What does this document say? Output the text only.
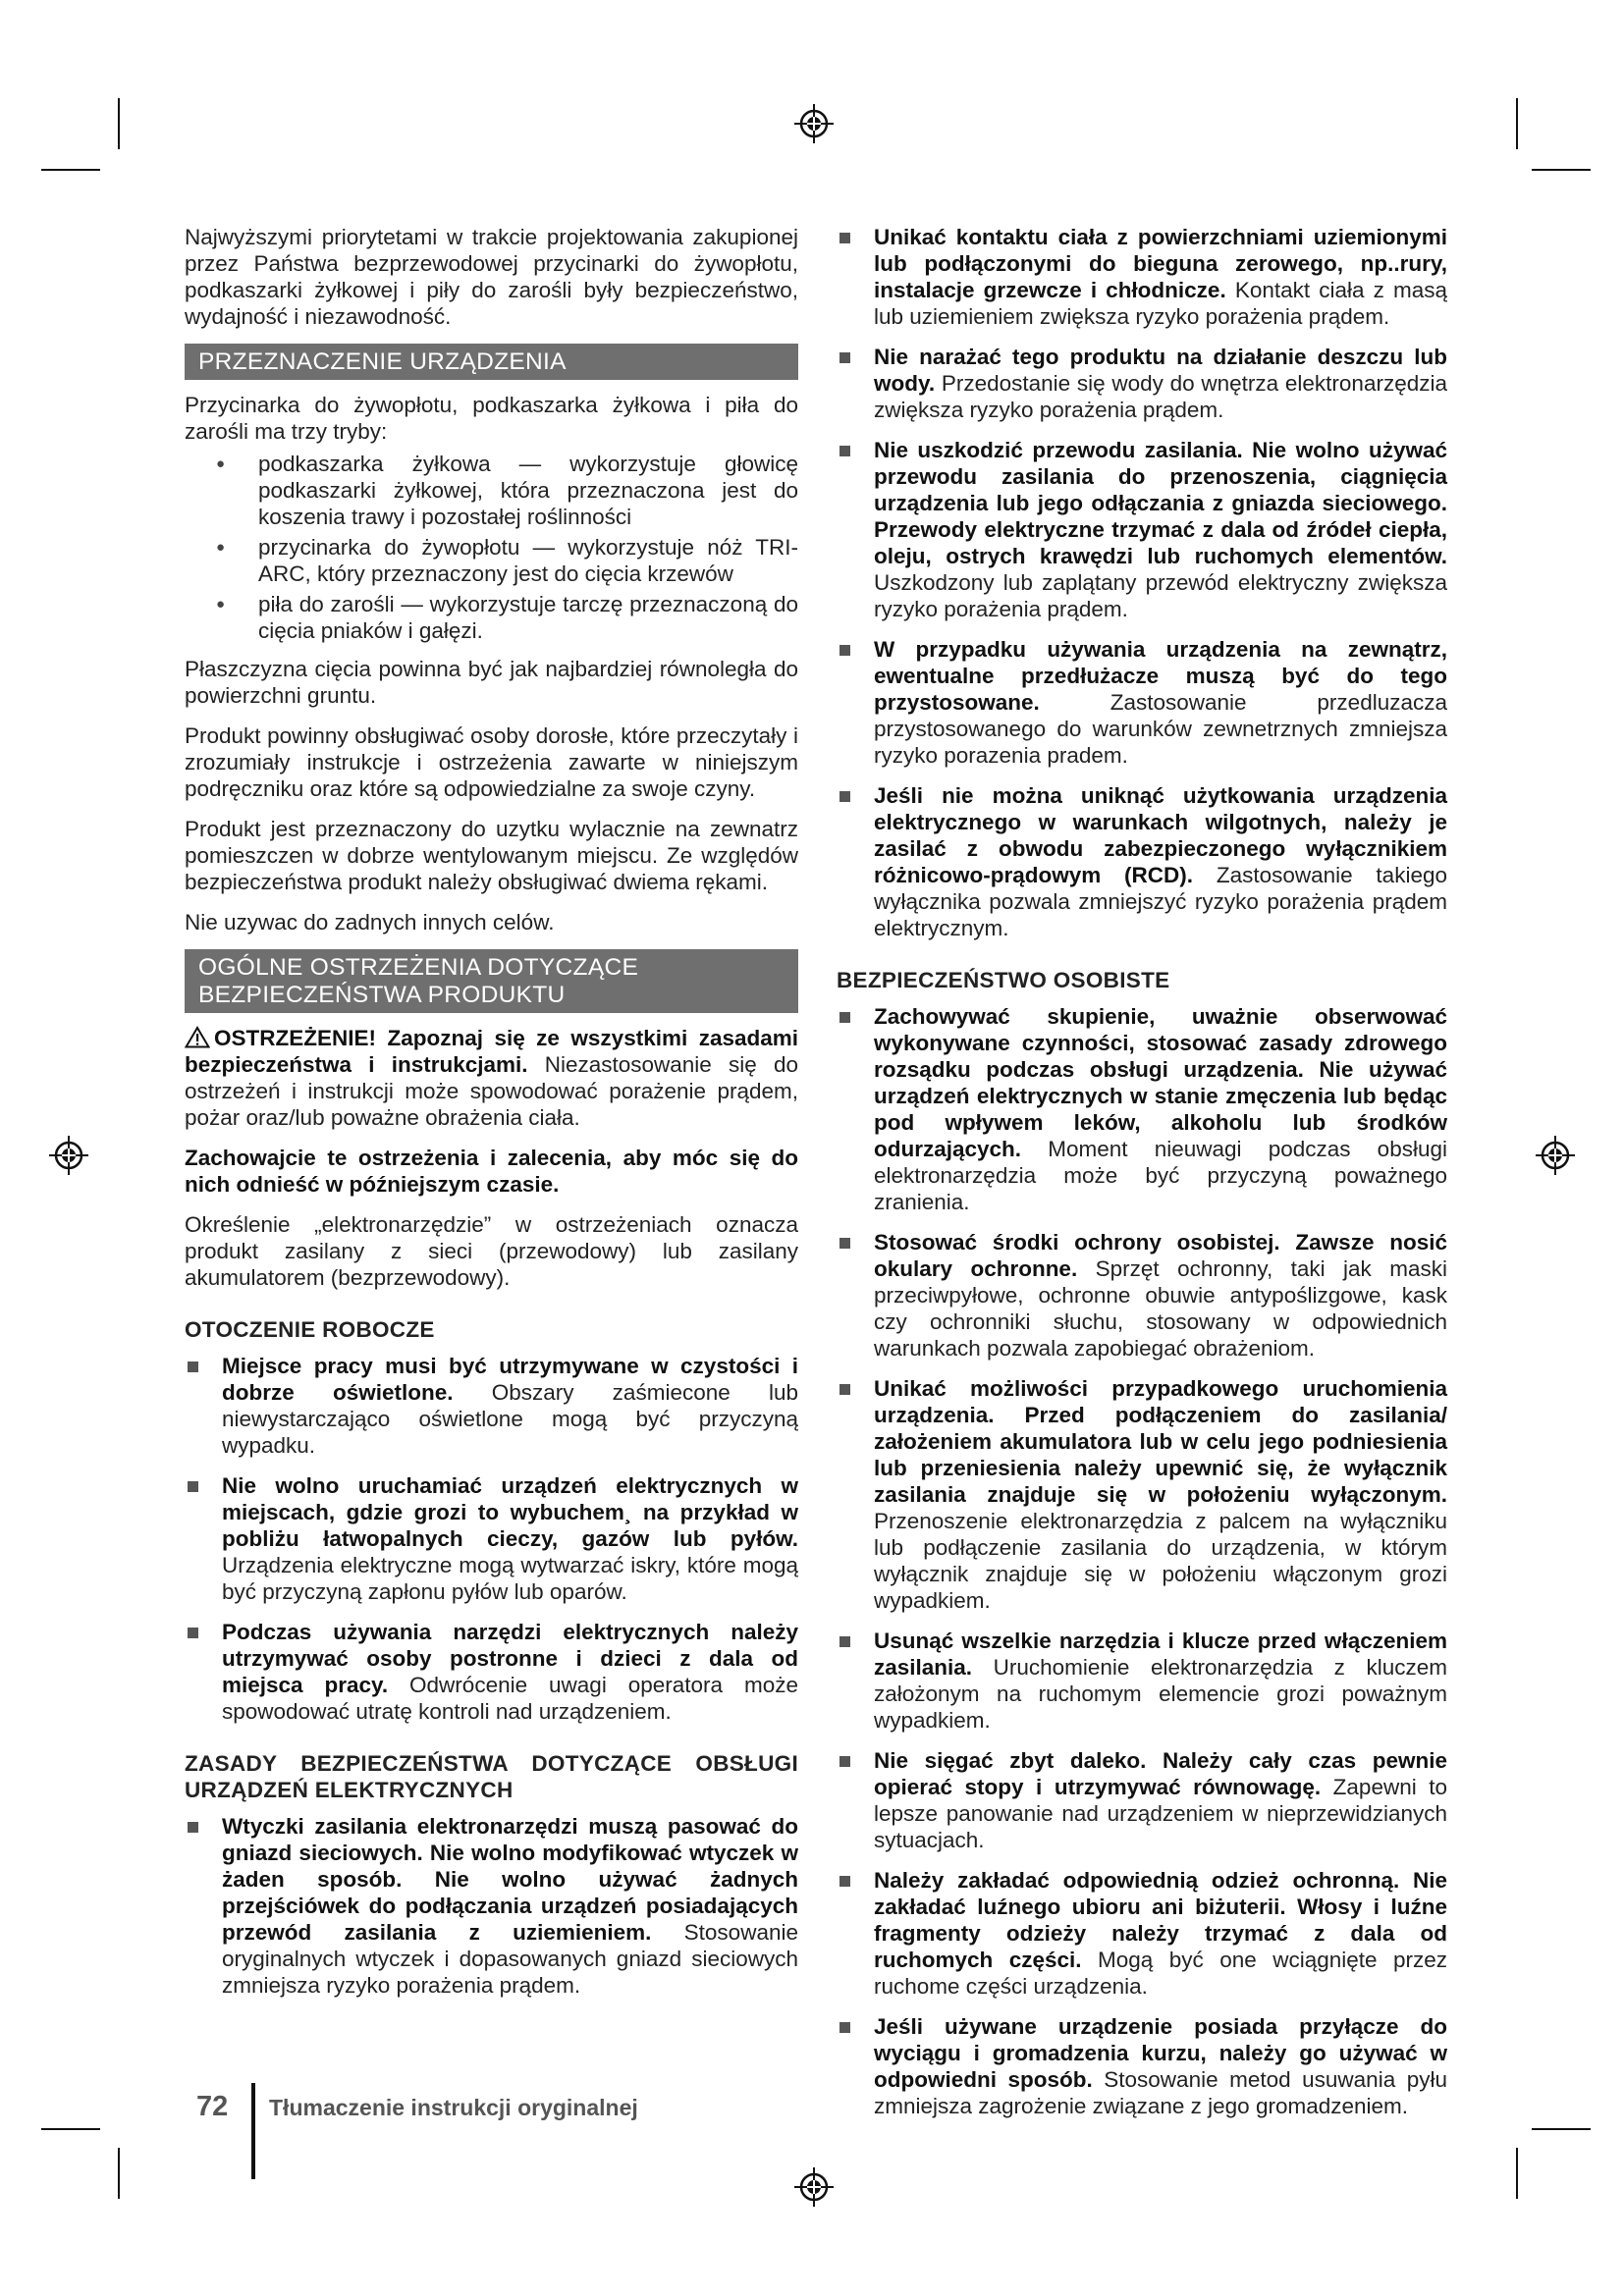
Najwyższymi priorytetami w trakcie projektowania zakupionej przez Państwa bezprzewodowej przycinarki do żywopłotu, podkaszarki żyłkowej i piły do zarośli były bezpieczeństwo, wydajność i niezawodność.

PRZEZNACZENIE URZĄDZENIA

Przycinarka do żywopłotu, podkaszarka żyłkowa i piła do zarośli ma trzy tryby:

● podkaszarka żyłkowa — wykorzystuje głowicę podkaszarki żyłkowej, która przeznaczona jest do koszenia trawy i pozostałej roślinności
● przycinarka do żywopłotu — wykorzystuje nóż TRI-ARC, który przeznaczony jest do cięcia krzewów
● piła do zarośli — wykorzystuje tarczę przeznaczoną do cięcia pniaków i gałęzi.

Płaszczyzna cięcia powinna być jak najbardziej równoległa do powierzchni gruntu.

Produkt powinny obsługiwać osoby dorosłe, które przeczytały i zrozumiały instrukcje i ostrzeżenia zawarte w niniejszym podręczniku oraz które są odpowiedzialne za swoje czyny.

Produkt jest przeznaczony do uzytku wylacznie na zewnatrz pomieszczen w dobrze wentylowanym miejscu. Ze względów bezpieczeństwa produkt należy obsługiwać dwiema rękami.

Nie uzywac do zadnych innych celów.

OGÓLNE OSTRZEŻENIA DOTYCZĄCE
BEZPIECZEŃSTWA PRODUKTU

OSTRZEŻENIE! Zapoznaj się ze wszystkimi zasadami bezpieczeństwa i instrukcjami. Niezastosowanie się do ostrzeżeń i instrukcji może spowodować porażenie prądem, pożar oraz/lub poważne obrażenia ciała.

Zachowajcie te ostrzeżenia i zalecenia, aby móc się do nich odnieść w późniejszym czasie.

Określenie „elektronarzędzie” w ostrzeżeniach oznacza produkt zasilany z sieci (przewodowy) lub zasilany akumulatorem (bezprzewodowy).

OTOCZENIE ROBOCZE
Miejsce pracy musi być utrzymywane w czystości i dobrze oświetlone. Obszary zaśmiecone lub niewystarczająco oświetlone mogą być przyczyną wypadku.
Nie wolno uruchamiać urządzeń elektrycznych w miejscach, gdzie grozi to wybuchem¸ na przykład w pobliżu łatwopalnych cieczy, gazów lub pyłów. Urządzenia elektryczne mogą wytwarzać iskry, które mogą być przyczyną zapłonu pyłów lub oparów.
Podczas używania narzędzi elektrycznych należy utrzymywać osoby postronne i dzieci z dala od miejsca pracy. Odwrócenie uwagi operatora może spowodować utratę kontroli nad urządzeniem.
ZASADY BEZPIECZEŃSTWA DOTYCZĄCE OBSŁUGI URZĄDZEŃ ELEKTRYCZNYCH
Wtyczki zasilania elektronarzędzi muszą pasować do gniazd sieciowych. Nie wolno modyfikować wtyczek w żaden sposób. Nie wolno używać żadnych przejściówek do podłączania urządzeń posiadających przewód zasilania z uziemieniem. Stosowanie oryginalnych wtyczek i dopasowanych gniazd sieciowych zmniejsza ryzyko porażenia prądem.
Unikać kontaktu ciała z powierzchniami uziemionymi lub podłączonymi do bieguna zerowego, np..rury, instalacje grzewcze i chłodnicze. Kontakt ciała z masą lub uziemieniem zwiększa ryzyko porażenia prądem.
Nie narażać tego produktu na działanie deszczu lub wody. Przedostanie się wody do wnętrza elektronarzędzia zwiększa ryzyko porażenia prądem.
Nie uszkodzić przewodu zasilania. Nie wolno używać przewodu zasilania do przenoszenia, ciągnięcia urządzenia lub jego odłączania z gniazda sieciowego. Przewody elektryczne trzymać z dala od źródeł ciepła, oleju, ostrych krawędzi lub ruchomych elementów. Uszkodzony lub zaplątany przewód elektryczny zwiększa ryzyko porażenia prądem.
W przypadku używania urządzenia na zewnątrz, ewentualne przedłużacze muszą być do tego przystosowane.	Zastosowanie przedluzacza przystosowanego do warunków zewnetrznych zmniejsza ryzyko porazenia pradem.
Jeśli nie można uniknąć użytkowania urządzenia elektrycznego w warunkach wilgotnych, należy je zasilać z obwodu zabezpieczonego wyłącznikiem różnicowo-prądowym (RCD). Zastosowanie takiego wyłącznika pozwala zmniejszyć ryzyko porażenia prądem elektrycznym.
BEZPIECZEŃSTWO OSOBISTE
Zachowywać skupienie, uważnie obserwować wykonywane czynności, stosować zasady zdrowego rozsądku podczas obsługi urządzenia. Nie używać urządzeń elektrycznych w stanie zmęczenia lub będąc pod wpływem leków, alkoholu lub środków odurzających. Moment nieuwagi podczas obsługi elektronarzędzia może być przyczyną poważnego zranienia.
Stosować środki ochrony osobistej. Zawsze nosić okulary ochronne. Sprzęt ochronny, taki jak maski przeciwpyłowe, ochronne obuwie antypoślizgowe, kask czy ochronniki słuchu, stosowany w odpowiednich warunkach pozwala zapobiegać obrażeniom.
Unikać możliwości przypadkowego uruchomienia urządzenia. Przed podłączeniem do zasilania/ założeniem akumulatora lub w celu jego podniesienia lub przeniesienia należy upewnić się, że wyłącznik zasilania znajduje się w położeniu wyłączonym. Przenoszenie elektronarzędzia z palcem na wyłączniku lub podłączenie zasilania do urządzenia, w którym wyłącznik znajduje się w położeniu włączonym grozi wypadkiem.
Usunąć wszelkie narzędzia i klucze przed włączeniem zasilania. Uruchomienie elektronarzędzia z kluczem założonym na ruchomym elemencie grozi poważnym wypadkiem.
Nie sięgać zbyt daleko. Należy cały czas pewnie opierać stopy i utrzymywać równowagę. Zapewni to lepsze panowanie nad urządzeniem w nieprzewidzianych sytuacjach.
Należy zakładać odpowiednią odzież ochronną. Nie zakładać luźnego ubioru ani biżuterii. Włosy i luźne fragmenty odzieży należy trzymać z dala od ruchomych części. Mogą być one wciągnięte przez ruchome części urządzenia.
Jeśli używane urządzenie posiada przyłącze do wyciągu i gromadzenia kurzu, należy go używać w odpowiedni sposób. Stosowanie metod usuwania pyłu zmniejsza zagrożenie związane z jego gromadzeniem.
72 Tłumaczenie instrukcji oryginalnej
